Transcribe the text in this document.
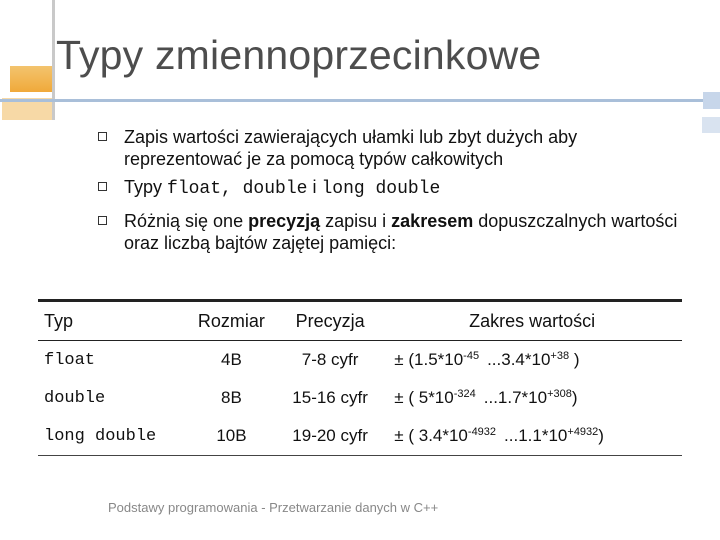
Typy zmiennoprzecinkowe
Zapis wartości zawierających ułamki lub zbyt dużych aby reprezentować je za pomocą typów całkowitych
Typy float, double i long double
Różnią się one precyzją zapisu i zakresem dopuszczalnych wartości oraz liczbą bajtów zajętej pamięci:
Typ	Rozmiar	Precyzja	Zakres wartości
float	4B	7-8 cyfr	± ($1.5*10^{-45}$ $...3.4*10^{+38}$ )
double	8B	15-16 cyfr	± ( $5*10^{-324}$ $...1.7*10^{+308}$)
long double	10B	19-20 cyfr	± ( $3.4*10^{-4932}$ $...1.1*10^{+4932}$)
Podstawy programowania - Przetwarzanie danych w C++
